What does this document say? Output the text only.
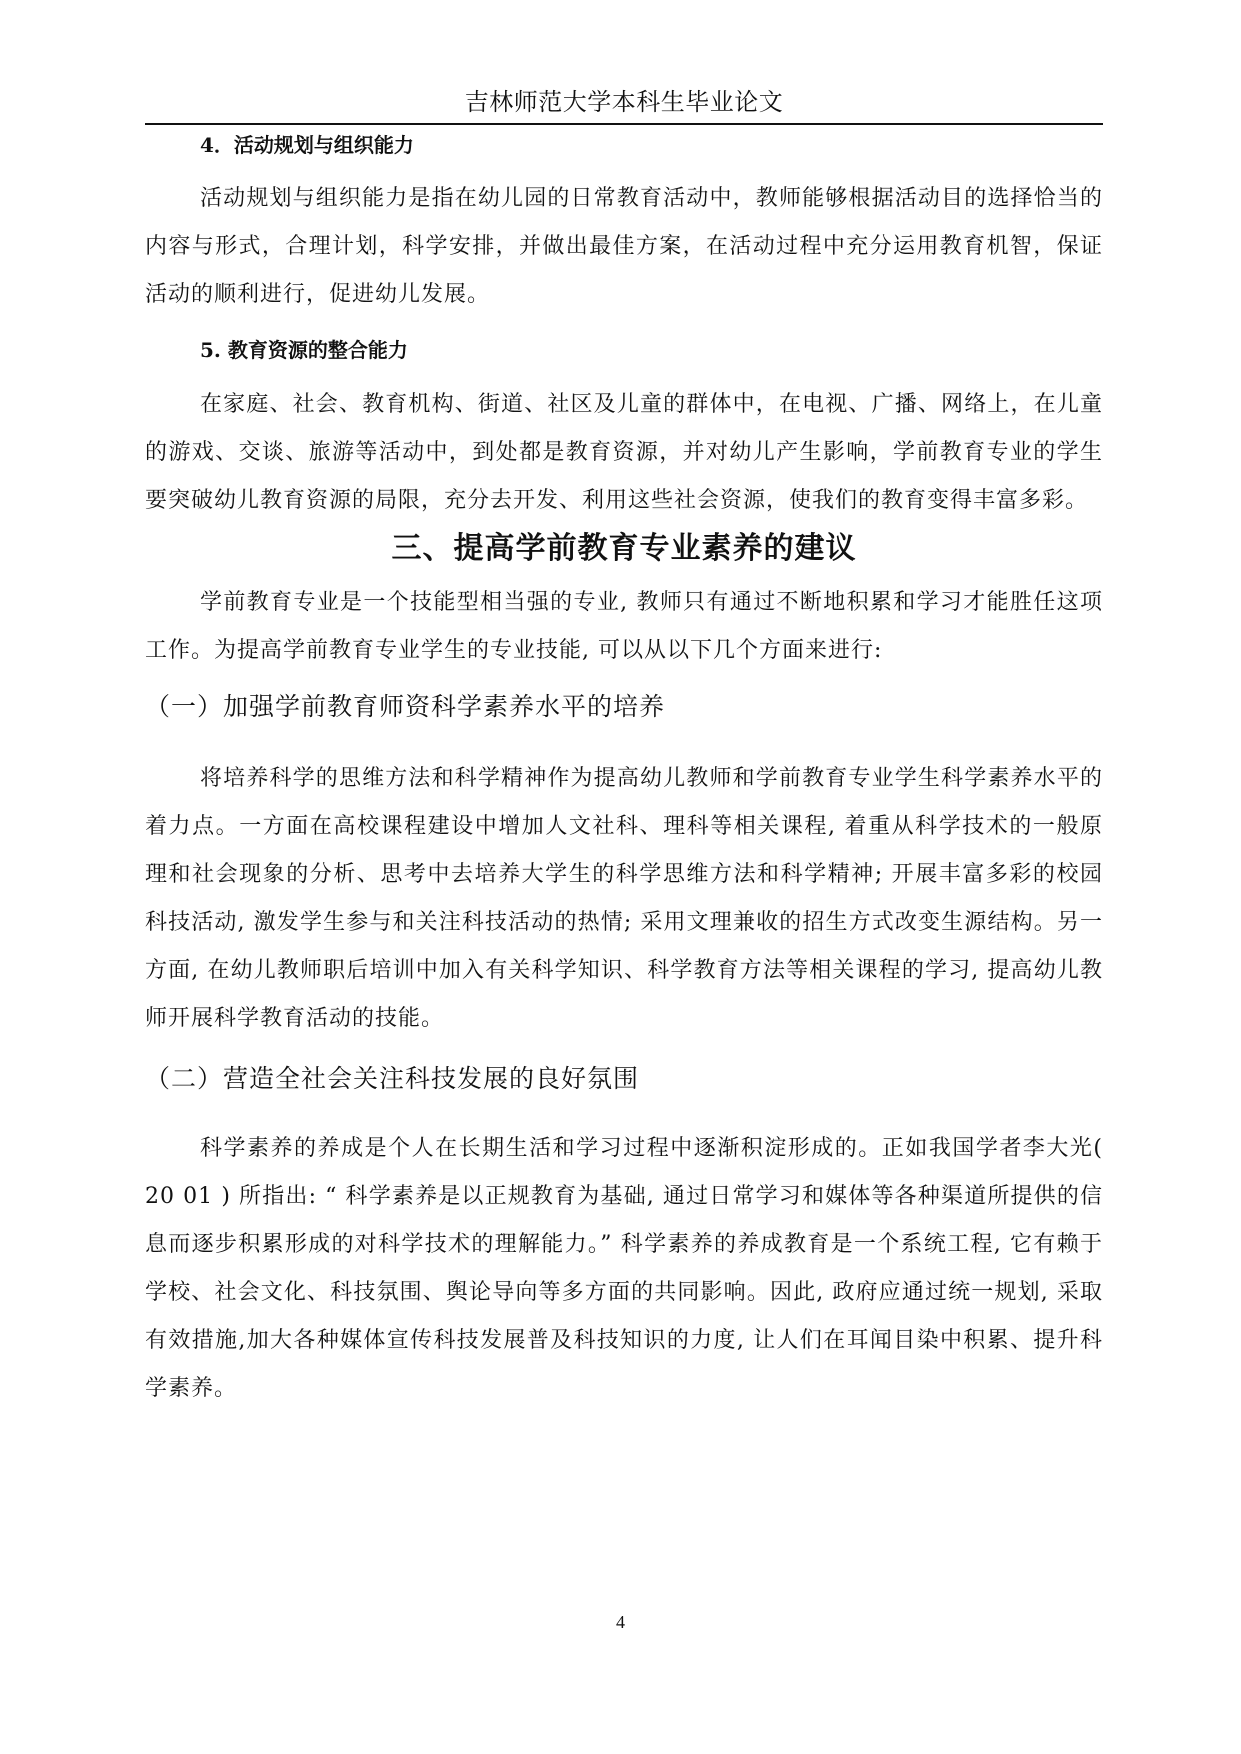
吉林师范大学本科生毕业论文

4．活动规划与组织能力

活动规划与组织能力是指在幼儿园的日常教育活动中，教师能够根据活动目的选择恰当的内容与形式，合理计划，科学安排，并做出最佳方案，在活动过程中充分运用教育机智，保证活动的顺利进行，促进幼儿发展。

5. 教育资源的整合能力

在家庭、社会、教育机构、街道、社区及儿童的群体中，在电视、广播、网络上，在儿童的游戏、交谈、旅游等活动中，到处都是教育资源，并对幼儿产生影响，学前教育专业的学生要突破幼儿教育资源的局限，充分去开发、利用这些社会资源，使我们的教育变得丰富多彩。

三、提高学前教育专业素养的建议

学前教育专业是一个技能型相当强的专业, 教师只有通过不断地积累和学习才能胜任这项工作。为提高学前教育专业学生的专业技能, 可以从以下几个方面来进行:

（一）加强学前教育师资科学素养水平的培养

将培养科学的思维方法和科学精神作为提高幼儿教师和学前教育专业学生科学素养水平的着力点。一方面在高校课程建设中增加人文社科、理科等相关课程, 着重从科学技术的一般原理和社会现象的分析、思考中去培养大学生的科学思维方法和科学精神; 开展丰富多彩的校园科技活动, 激发学生参与和关注科技活动的热情; 采用文理兼收的招生方式改变生源结构。另一方面, 在幼儿教师职后培训中加入有关科学知识、科学教育方法等相关课程的学习, 提高幼儿教师开展科学教育活动的技能。

（二）营造全社会关注科技发展的良好氛围

科学素养的养成是个人在长期生活和学习过程中逐渐积淀形成的。正如我国学者李大光( 20 01 ) 所指出: “ 科学素养是以正规教育为基础, 通过日常学习和媒体等各种渠道所提供的信息而逐步积累形成的对科学技术的理解能力。” 科学素养的养成教育是一个系统工程, 它有赖于学校、社会文化、科技氛围、舆论导向等多方面的共同影响。因此, 政府应通过统一规划, 采取有效措施,加大各种媒体宣传科技发展普及科技知识的力度, 让人们在耳闻目染中积累、提升科学素养。

4
